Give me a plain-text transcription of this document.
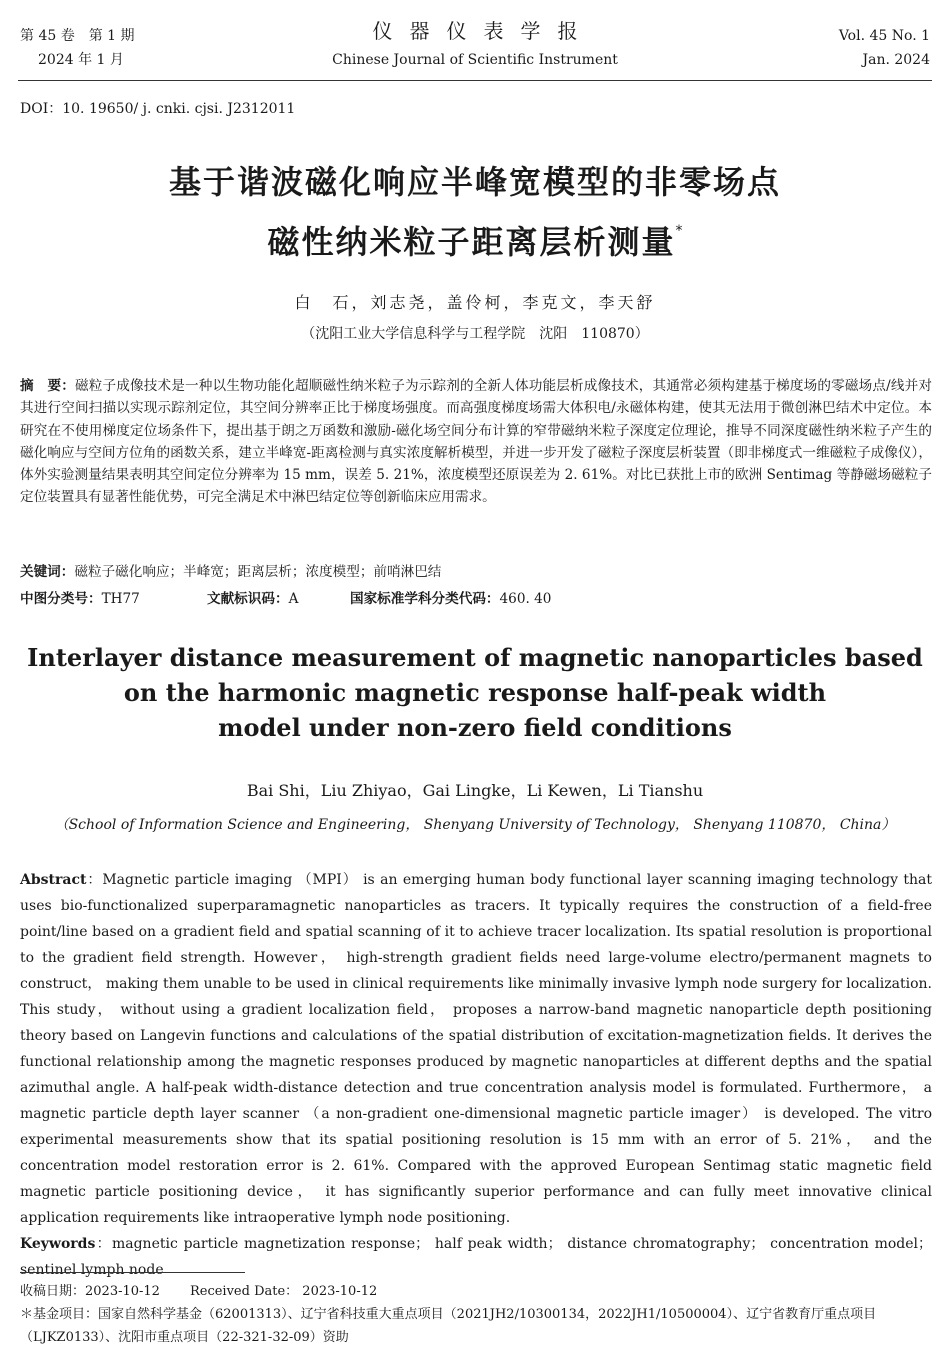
第 45 卷　第 1 期
2024 年 1 月
仪器仪表学报
Chinese Journal of Scientific Instrument
Vol. 45 No. 1
Jan. 2024
DOI：10. 19650/ j. cnki. cjsi. J2312011
基于谐波磁化响应半峰宽模型的非零场点
磁性纳米粒子距离层析测量*
白　石，刘志尧，盖伶柯，李克文，李天舒
（沈阳工业大学信息科学与工程学院　沈阳　110870）
摘　要：磁粒子成像技术是一种以生物功能化超顺磁性纳米粒子为示踪剂的全新人体功能层析成像技术，其通常必须构建基于梯度场的零磁场点/线并对其进行空间扫描以实现示踪剂定位，其空间分辨率正比于梯度场强度。而高强度梯度场需大体积电/永磁体构建，使其无法用于微创淋巴结术中定位。本研究在不使用梯度定位场条件下，提出基于朗之万函数和激励-磁化场空间分布计算的窄带磁纳米粒子深度定位理论，推导不同深度磁性纳米粒子产生的磁化响应与空间方位角的函数关系，建立半峰宽-距离检测与真实浓度解析模型，并进一步开发了磁粒子深度层析装置（即非梯度式一维磁粒子成像仪），体外实验测量结果表明其空间定位分辨率为 15 mm，误差 5. 21%，浓度模型还原误差为 2. 61%。对比已获批上市的欧洲 Sentimag 等静磁场磁粒子定位装置具有显著性能优势，可完全满足术中淋巴结定位等创新临床应用需求。
关键词：磁粒子磁化响应；半峰宽；距离层析；浓度模型；前哨淋巴结
中图分类号：TH77	文献标识码：A	国家标准学科分类代码：460. 40
Interlayer distance measurement of magnetic nanoparticles based
on the harmonic magnetic response half-peak width
model under non-zero field conditions
Bai Shi，Liu Zhiyao，Gai Lingke，Li Kewen，Li Tianshu
（School of Information Science and Engineering， Shenyang University of Technology， Shenyang 110870， China）
Abstract：Magnetic particle imaging （MPI） is an emerging human body functional layer scanning imaging technology that uses bio-functionalized superparamagnetic nanoparticles as tracers. It typically requires the construction of a field-free point/line based on a gradient field and spatial scanning of it to achieve tracer localization. Its spatial resolution is proportional to the gradient field strength. However， high-strength gradient fields need large-volume electro/permanent magnets to construct， making them unable to be used in clinical requirements like minimally invasive lymph node surgery for localization. This study， without using a gradient localization field， proposes a narrow-band magnetic nanoparticle depth positioning theory based on Langevin functions and calculations of the spatial distribution of excitation-magnetization fields. It derives the functional relationship among the magnetic responses produced by magnetic nanoparticles at different depths and the spatial azimuthal angle. A half-peak width-distance detection and true concentration analysis model is formulated. Furthermore， a magnetic particle depth layer scanner （a non-gradient one-dimensional magnetic particle imager） is developed. The vitro experimental measurements show that its spatial positioning resolution is 15 mm with an error of 5. 21%， and the concentration model restoration error is 2. 61%. Compared with the approved European Sentimag static magnetic field magnetic particle positioning device， it has significantly superior performance and can fully meet innovative clinical application requirements like intraoperative lymph node positioning.
Keywords：magnetic particle magnetization response； half peak width； distance chromatography； concentration model； sentinel lymph node
收稿日期：2023-10-12 Received Date： 2023-10-12
＊基金项目：国家自然科学基金（62001313）、辽宁省科技重大重点项目（2021JH2/10300134，2022JH1/10500004）、辽宁省教育厅重点项目（LJKZ0133）、沈阳市重点项目（22-321-32-09）资助
